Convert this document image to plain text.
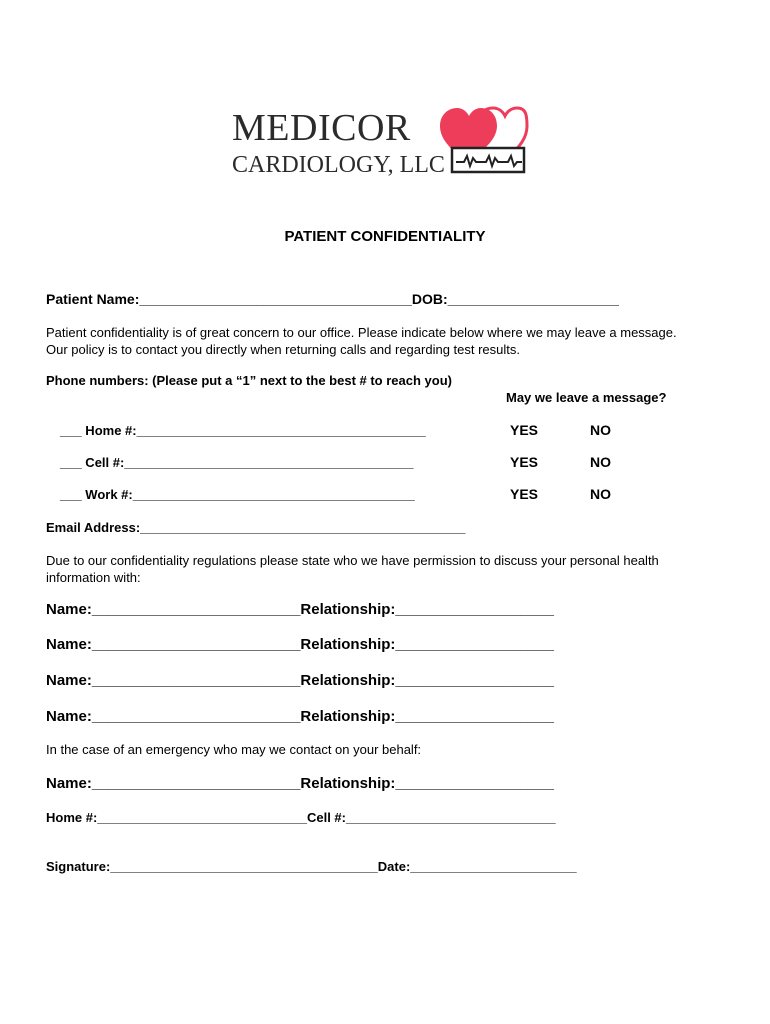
MEDICOR
CARDIOLOGY, LLC
PATIENT CONFIDENTIALITY
Patient Name:___________________________________DOB:______________________
Patient confidentiality is of great concern to our office. Please indicate below where we may leave a message.
Our policy is to contact you directly when returning calls and regarding test results.
Phone numbers: (Please put a “1” next to the best # to reach you)
May we leave a message?
___ Home #:________________________________________	YES	NO
___ Cell #:________________________________________	YES	NO
___ Work #:_______________________________________	YES	NO
Email Address:_____________________________________________
Due to our confidentiality regulations please state who we have permission to discuss your personal health
information with:
Name:_________________________Relationship:___________________
Name:_________________________Relationship:___________________
Name:_________________________Relationship:___________________
Name:_________________________Relationship:___________________
In the case of an emergency who may we contact on your behalf:
Name:_________________________Relationship:___________________
Home #:_____________________________Cell #:_____________________________
Signature:_____________________________________Date:_______________________
